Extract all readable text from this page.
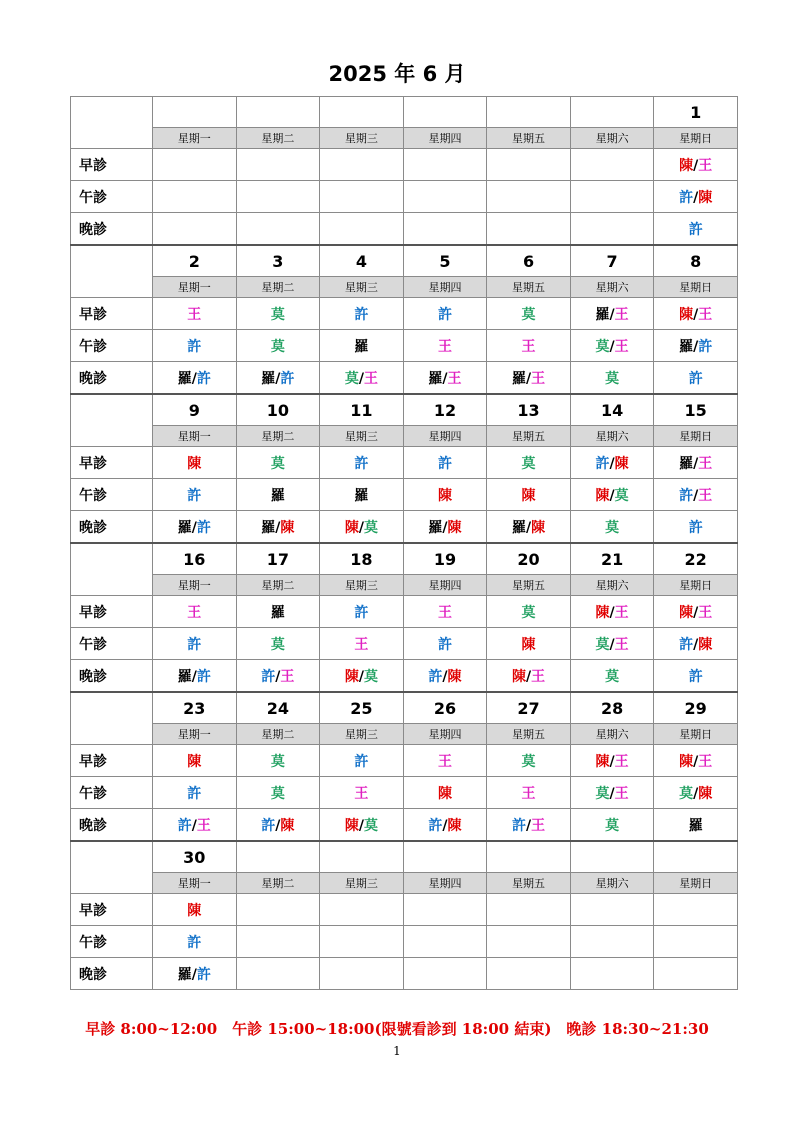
2025 年 6 月
							1
	星期一	星期二	星期三	星期四	星期五	星期六	星期日
早診							陳/王
午診							許/陳
晚診							許
	2	3	4	5	6	7	8
	星期一	星期二	星期三	星期四	星期五	星期六	星期日
早診	王	莫	許	許	莫	羅/王	陳/王
午診	許	莫	羅	王	王	莫/王	羅/許
晚診	羅/許	羅/許	莫/王	羅/王	羅/王	莫	許
	9	10	11	12	13	14	15
	星期一	星期二	星期三	星期四	星期五	星期六	星期日
早診	陳	莫	許	許	莫	許/陳	羅/王
午診	許	羅	羅	陳	陳	陳/莫	許/王
晚診	羅/許	羅/陳	陳/莫	羅/陳	羅/陳	莫	許
	16	17	18	19	20	21	22
	星期一	星期二	星期三	星期四	星期五	星期六	星期日
早診	王	羅	許	王	莫	陳/王	陳/王
午診	許	莫	王	許	陳	莫/王	許/陳
晚診	羅/許	許/王	陳/莫	許/陳	陳/王	莫	許
	23	24	25	26	27	28	29
	星期一	星期二	星期三	星期四	星期五	星期六	星期日
早診	陳	莫	許	王	莫	陳/王	陳/王
午診	許	莫	王	陳	王	莫/王	莫/陳
晚診	許/王	許/陳	陳/莫	許/陳	許/王	莫	羅
	30						
	星期一	星期二	星期三	星期四	星期五	星期六	星期日
早診	陳						
午診	許						
晚診	羅/許						
早診 8:00~12:00　午診 15:00~18:00(限號看診到 18:00 結束)　晚診 18:30~21:30
1
